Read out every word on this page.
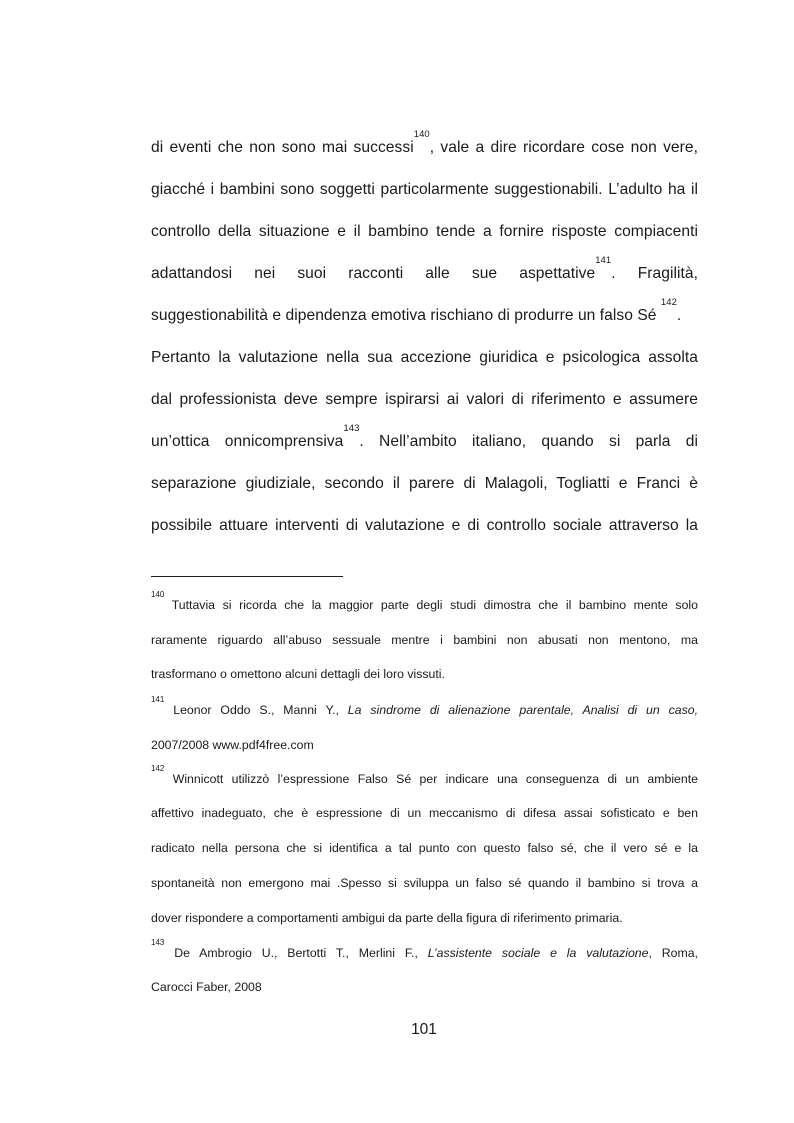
di eventi che non sono mai successi$^{140}$, vale a dire ricordare cose non vere,
giacché i bambini sono soggetti particolarmente suggestionabili. L’adulto ha il
controllo della situazione e il bambino tende a fornire risposte compiacenti
adattandosi nei suoi racconti alle sue aspettative$^{141}$. Fragilità,
suggestionabilità e dipendenza emotiva rischiano di produrre un falso Sé $^{142}$.
Pertanto la valutazione nella sua accezione giuridica e psicologica assolta
dal professionista deve sempre ispirarsi ai valori di riferimento e assumere
un’ottica onnicomprensiva$^{143}$. Nell’ambito italiano, quando si parla di
separazione giudiziale, secondo il parere di Malagoli, Togliatti e Franci è
possibile attuare interventi di valutazione e di controllo sociale attraverso la
$^{140}$ Tuttavia si ricorda che la maggior parte degli studi dimostra che il bambino mente solo
raramente riguardo all’abuso sessuale mentre i bambini non abusati non mentono, ma
trasformano o omettono alcuni dettagli dei loro vissuti.
$^{141}$ Leonor Oddo S., Manni Y., La sindrome di alienazione parentale, Analisi di un caso,
2007/2008 www.pdf4free.com
$^{142}$ Winnicott utilizzò l’espressione Falso Sé per indicare una conseguenza di un ambiente
affettivo inadeguato, che è espressione di un meccanismo di difesa assai sofisticato e ben
radicato nella persona che si identifica a tal punto con questo falso sé, che il vero sé e la
spontaneità non emergono mai .Spesso si sviluppa un falso sé quando il bambino si trova a
dover rispondere a comportamenti ambigui da parte della figura di riferimento primaria.
$^{143}$ De Ambrogio U., Bertotti T., Merlini F., L’assistente sociale e la valutazione, Roma,
Carocci Faber, 2008
101
